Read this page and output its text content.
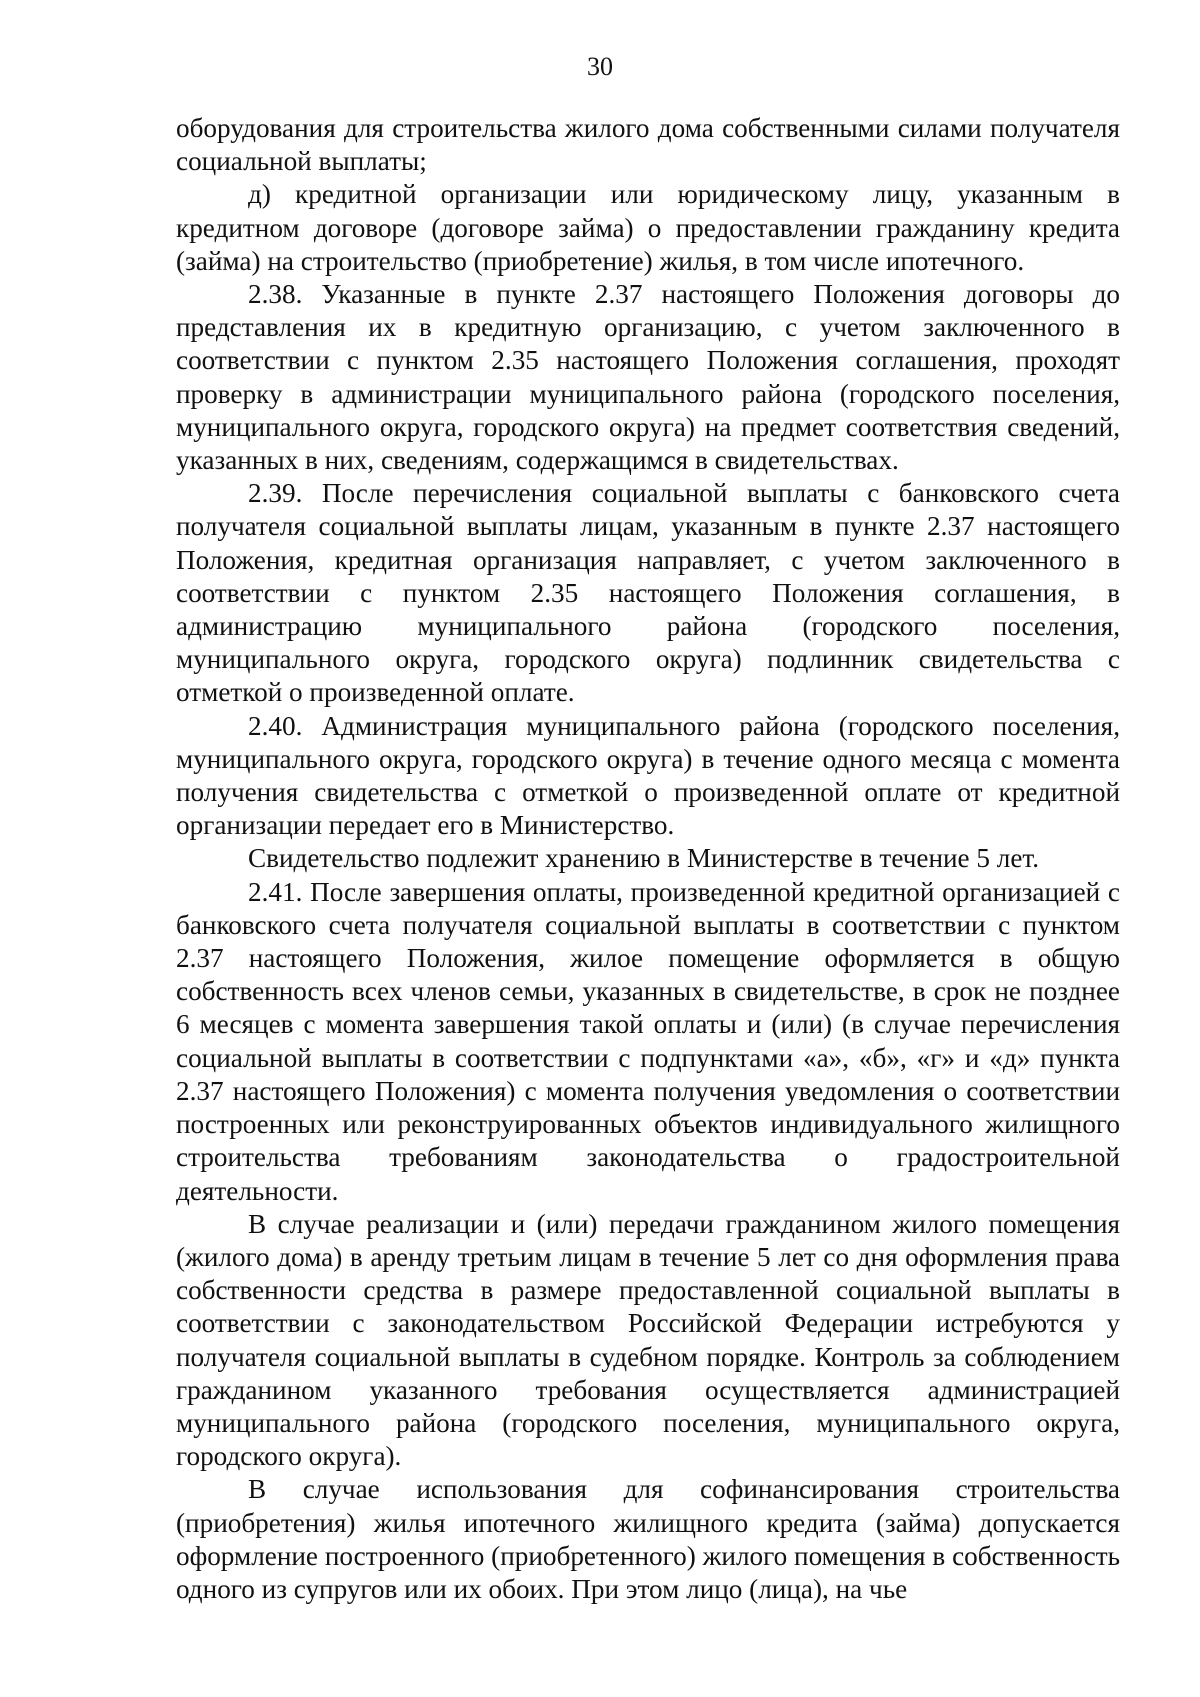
30

оборудования для строительства жилого дома собственными силами получателя социальной выплаты;

д) кредитной организации или юридическому лицу, указанным в кредитном договоре (договоре займа) о предоставлении гражданину кредита (займа) на строительство (приобретение) жилья, в том числе ипотечного.

2.38. Указанные в пункте 2.37 настоящего Положения договоры до представления их в кредитную организацию, с учетом заключенного в соответствии с пунктом 2.35 настоящего Положения соглашения, проходят проверку в администрации муниципального района (городского поселения, муниципального округа, городского округа) на предмет соответствия сведений, указанных в них, сведениям, содержащимся в свидетельствах.

2.39. После перечисления социальной выплаты с банковского счета получателя социальной выплаты лицам, указанным в пункте 2.37 настоящего Положения, кредитная организация направляет, с учетом заключенного в соответствии с пунктом 2.35 настоящего Положения соглашения, в администрацию муниципального района (городского поселения, муниципального округа, городского округа) подлинник свидетельства с отметкой о произведенной оплате.

2.40. Администрация муниципального района (городского поселения, муниципального округа, городского округа) в течение одного месяца с момента получения свидетельства с отметкой о произведенной оплате от кредитной организации передает его в Министерство.

Свидетельство подлежит хранению в Министерстве в течение 5 лет.

2.41. После завершения оплаты, произведенной кредитной организацией с банковского счета получателя социальной выплаты в соответствии с пунктом 2.37 настоящего Положения, жилое помещение оформляется в общую собственность всех членов семьи, указанных в свидетельстве, в срок не позднее 6 месяцев с момента завершения такой оплаты и (или) (в случае перечисления социальной выплаты в соответствии с подпунктами «а», «б», «г» и «д» пункта 2.37 настоящего Положения) с момента получения уведомления о соответствии построенных или реконструированных объектов индивидуального жилищного строительства требованиям законодательства о градостроительной деятельности.

В случае реализации и (или) передачи гражданином жилого помещения (жилого дома) в аренду третьим лицам в течение 5 лет со дня оформления права собственности средства в размере предоставленной социальной выплаты в соответствии с законодательством Российской Федерации истребуются у получателя социальной выплаты в судебном порядке. Контроль за соблюдением гражданином указанного требования осуществляется администрацией муниципального района (городского поселения, муниципального округа, городского округа).

В случае использования для софинансирования строительства (приобретения) жилья ипотечного жилищного кредита (займа) допускается оформление построенного (приобретенного) жилого помещения в собственность одного из супругов или их обоих. При этом лицо (лица), на чье
